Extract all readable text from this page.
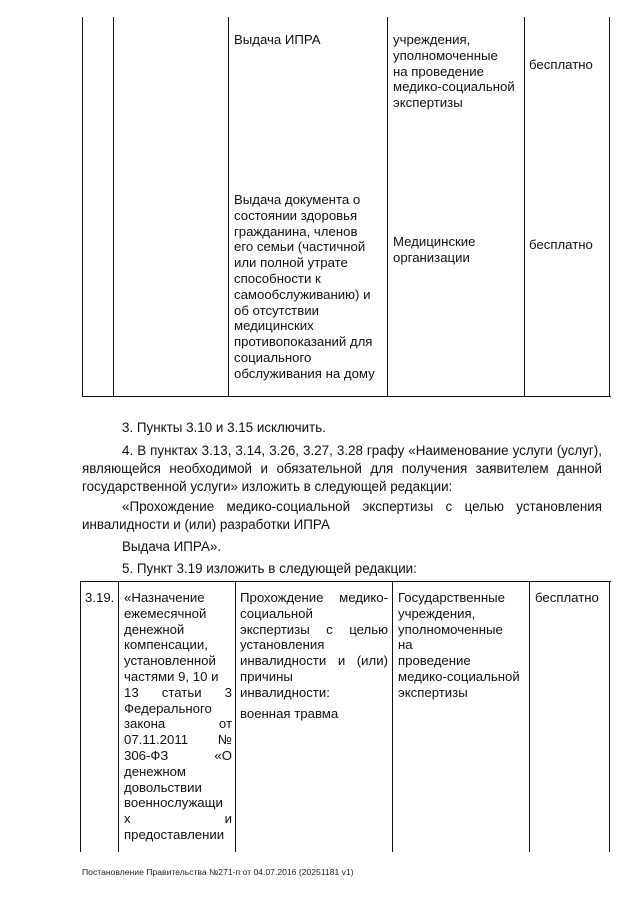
Выдача ИПРА	учреждения,
уполномоченные
на проведение
медико-социальной
экспертизы
бесплатно
Выдача документа о
состоянии здоровья
гражданина, членов
его семьи (частичной
или полной утрате
способности к
самообслуживанию) и
об отсутствии
медицинских
противопоказаний для
социального
обслуживания на дому
Медицинские
организации
бесплатно
3. Пункты 3.10 и 3.15 исключить.
4. В пунктах 3.13, 3.14, 3.26, 3.27, 3.28 графу «Наименование услуги (услуг), являющейся необходимой и обязательной для получения заявителем данной государственной услуги» изложить в следующей редакции:
«Прохождение медико-социальной экспертизы с целью установления инвалидности и (или) разработки ИПРА
Выдача ИПРА».
5. Пункт 3.19 изложить в следующей редакции:
3.19. «Назначение
ежемесячной
денежной
компенсации,
установленной
частями 9, 10 и
13 статьи 3
Федерального
закона от
07.11.2011 №
306-ФЗ «О
денежном
довольствии
военнослужащи
х и
предоставлении
Прохождение медико-
социальной
экспертизы с целью
установления
инвалидности и (или)
причины
инвалидности:
военная травма
Государственные
учреждения,
уполномоченные
на проведение
медико-социальной
экспертизы
бесплатно
Постановление Правительства №271-п от 04.07.2016 (20251181 v1)
